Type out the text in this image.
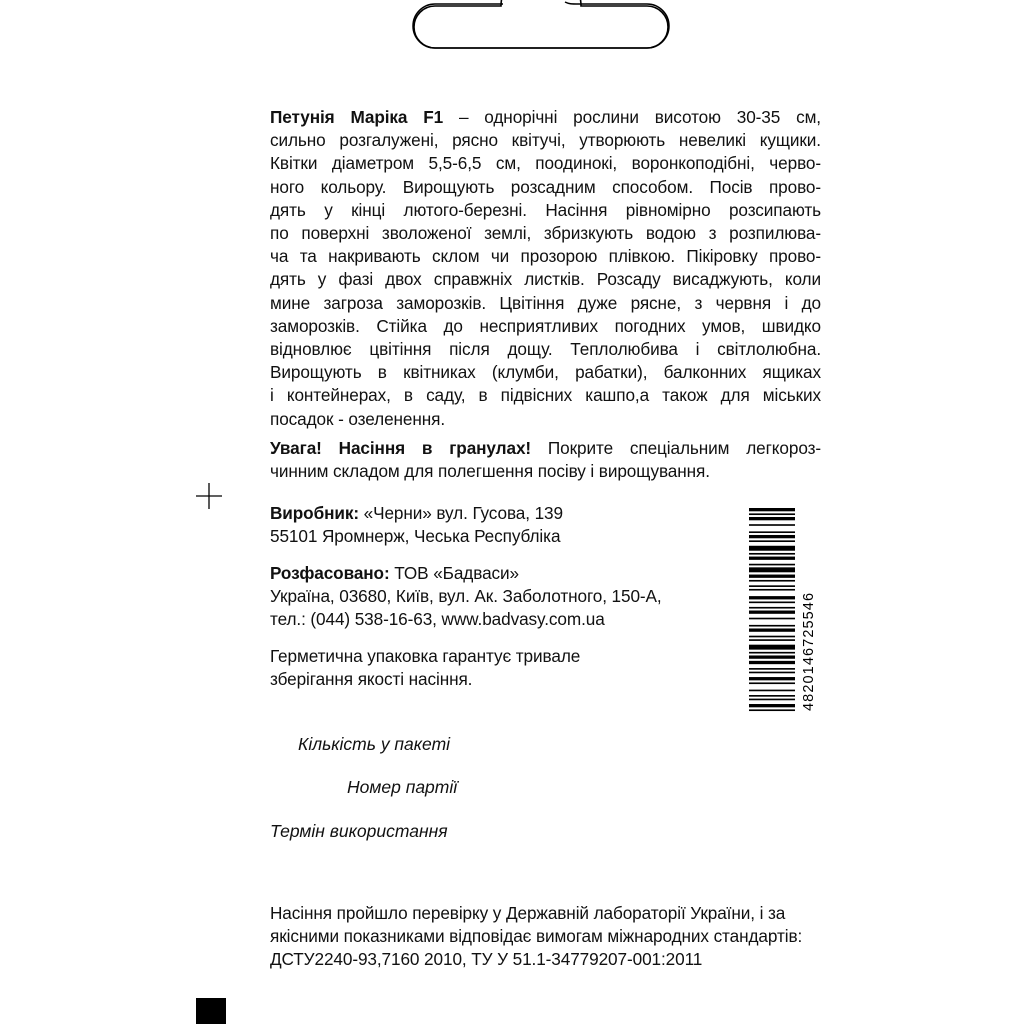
Петунія Маріка F1 – однорічні рослини висотою 30-35 см,
сильно розгалужені, рясно квітучі, утворюють невеликі кущики.
Квітки діаметром 5,5-6,5 см, поодинокі, воронкоподібні, черво-
ного кольору. Вирощують розсадним способом. Посів прово-
дять у кінці лютого-березні. Насіння рівномірно розсипають
по поверхні зволоженої землі, збризкують водою з розпилюва-
ча та накривають склом чи прозорою плівкою. Пікіровку прово-
дять у фазі двох справжніх листків. Розсаду висаджують, коли
мине загроза заморозків. Цвітіння дуже рясне, з червня і до
заморозків. Стійка до несприятливих погодних умов, швидко
відновлює цвітіння після дощу. Теплолюбива і світлолюбна.
Вирощують в квітниках (клумби, рабатки), балконних ящиках
і контейнерах, в саду, в підвісних кашпо,а також для міських
посадок - озеленення.
Увага! Насіння в гранулах! Покрите спеціальним легкороз-
чинним складом для полегшення посіву і вирощування.
Виробник: «Черни» вул. Гусова, 139
55101 Яромнерж, Чеська Республіка
Розфасовано: ТОВ «Бадваси»
Україна, 03680, Київ, вул. Ак. Заболотного, 150-А,
тел.: (044) 538-16-63, www.badvasy.com.ua
Герметична упаковка гарантує тривале
зберігання якості насіння.	4820146725546
Кількість у пакеті
Номер партії
Термін використання
Насіння пройшло перевірку у Державній лабораторії України, і за
якісними показниками відповідає вимогам міжнародних стандартів:
ДСТУ2240-93,7160 2010, ТУ У 51.1-34779207-001:2011
